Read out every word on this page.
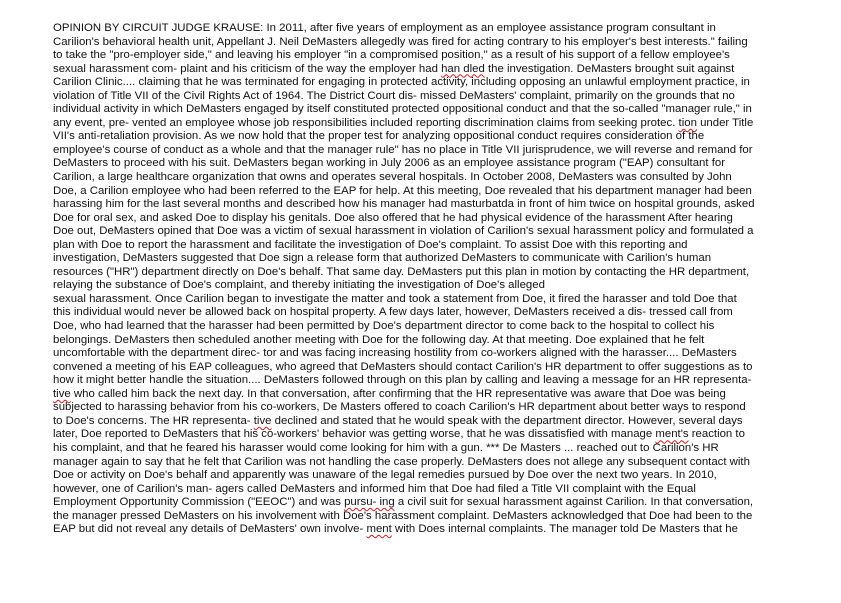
OPINION BY CIRCUIT JUDGE KRAUSE: In 2011, after five years of employment as an employee assistance program consultant in
Carilion's behavioral health unit, Appellant J. Neil DeMasters allegedly was fired for acting contrary to his employer's best interests." failing
to take the "pro-employer side," and leaving his employer "in a compromised position," as a result of his support of a fellow employee's
sexual harassment com- plaint and his criticism of the way the employer had han dled the investigation. DeMasters brought suit against
Carilion Clinic.... claiming that he was terminated for engaging in protected activity, including opposing an unlawful employment practice, in
violation of Title VII of the Civil Rights Act of 1964. The District Court dis- missed DeMasters' complaint, primarily on the grounds that no
individual activity in which DeMasters engaged by itself constituted protected oppositional conduct and that the so-called "manager rule," in
any event, pre- vented an employee whose job responsibilities included reporting discrimination claims from seeking protec. tion under Title
VII's anti-retaliation provision. As we now hold that the proper test for analyzing oppositional conduct requires consideration of the
employee's course of conduct as a whole and that the manager rule" has no place in Title VII jurisprudence, we will reverse and remand for
DeMasters to proceed with his suit. DeMasters began working in July 2006 as an employee assistance program ("EAP) consultant for
Carilion, a large healthcare organization that owns and operates several hospitals. In October 2008, DeMasters was consulted by John
Doe, a Carilion employee who had been referred to the EAP for help. At this meeting, Doe revealed that his department manager had been
harassing him for the last several months and described how his manager had masturbatda in front of him twice on hospital grounds, asked
Doe for oral sex, and asked Doe to display his genitals. Doe also offered that he had physical evidence of the harassment After hearing
Doe out, DeMasters opined that Doe was a victim of sexual harassment in violation of Carilion's sexual harassment policy and formulated a
plan with Doe to report the harassment and facilitate the investigation of Doe's complaint. To assist Doe with this reporting and
investigation, DeMasters suggested that Doe sign a release form that authorized DeMasters to communicate with Carilion's human
resources ("HR") department directly on Doe's behalf. That same day. DeMasters put this plan in motion by contacting the HR department,
relaying the substance of Doe's complaint, and thereby initiating the investigation of Doe's alleged
sexual harassment. Once Carilion began to investigate the matter and took a statement from Doe, it fired the harasser and told Doe that
this individual would never be allowed back on hospital property. A few days later, however, DeMasters received a dis- tressed call from
Doe, who had learned that the harasser had been permitted by Doe's department director to come back to the hospital to collect his
belongings. DeMasters then scheduled another meeting with Doe for the following day. At that meeting. Doe explained that he felt
uncomfortable with the department direc- tor and was facing increasing hostility from co-workers aligned with the harasser.... DeMasters
convened a meeting of his EAP colleagues, who agreed that DeMasters should contact Carilion's HR department to offer suggestions as to
how it might better handle the situation.... DeMasters followed through on this plan by calling and leaving a message for an HR representa-
tive who called him back the next day. In that conversation, after confirming that the HR representative was aware that Doe was being
subjected to harassing behavior from his co-workers, De Masters offered to coach Carilion's HR department about better ways to respond
to Doe's concerns. The HR representa- tive declined and stated that he would speak with the department director. However, several days
later, Doe reported to DeMasters that his co-workers' behavior was getting worse, that he was dissatisfied with manage ment's reaction to
his complaint, and that he feared his harasser would come looking for him with a gun. *** De Masters ... reached out to Carilion's HR
manager again to say that he felt that Carilion was not handling the case properly. DeMasters does not allege any subsequent contact with
Doe or activity on Doe's behalf and apparently was unaware of the legal remedies pursued by Doe over the next two years. In 2010,
however, one of Carilion's man- agers called DeMasters and informed him that Doe had filed a Title VII complaint with the Equal
Employment Opportunity Commission ("EEOC") and was pursu- ing a civil suit for sexual harassment against Carilion. In that conversation,
the manager pressed DeMasters on his involvement with Doe's harassment complaint. DeMasters acknowledged that Doe had been to the
EAP but did not reveal any details of DeMasters' own involve- ment with Does internal complaints. The manager told De Masters that he
